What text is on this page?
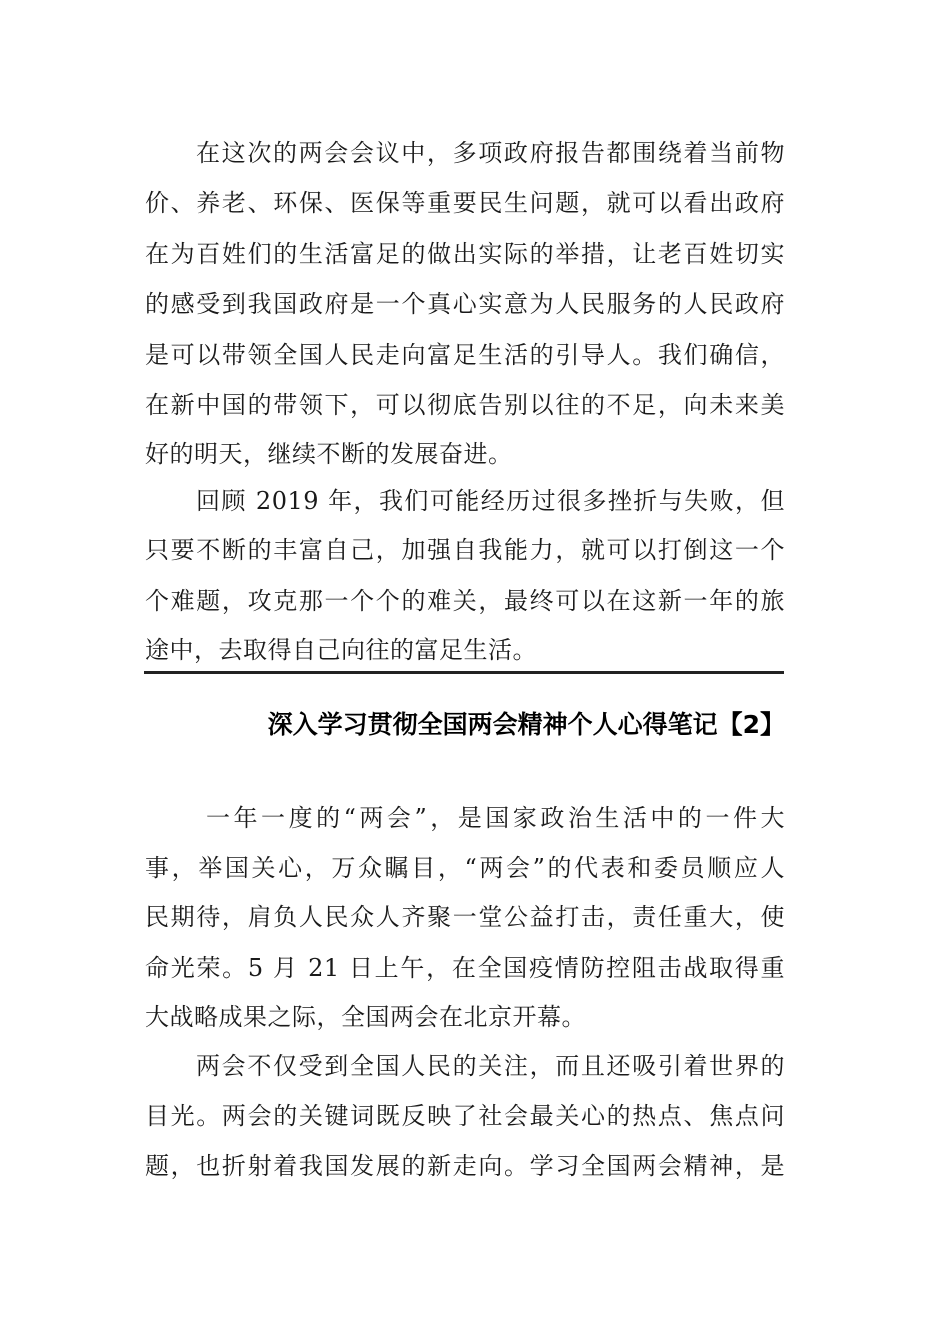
在这次的两会会议中，多项政府报告都围绕着当前物
价、养老、环保、医保等重要民生问题，就可以看出政府
在为百姓们的生活富足的做出实际的举措，让老百姓切实
的感受到我国政府是一个真心实意为人民服务的人民政府
是可以带领全国人民走向富足生活的引导人。我们确信，
在新中国的带领下，可以彻底告别以往的不足，向未来美
好的明天，继续不断的发展奋进。
回顾 2019 年，我们可能经历过很多挫折与失败，但
只要不断的丰富自己，加强自我能力，就可以打倒这一个
个难题，攻克那一个个的难关，最终可以在这新一年的旅
途中，去取得自己向往的富足生活。
深入学习贯彻全国两会精神个人心得笔记【2】
一年一度的“两会”，是国家政治生活中的一件大
事，举国关心，万众瞩目，“两会”的代表和委员顺应人
民期待，肩负人民众人齐聚一堂公益打击，责任重大，使
命光荣。5 月 21 日上午，在全国疫情防控阻击战取得重
大战略成果之际，全国两会在北京开幕。
两会不仅受到全国人民的关注，而且还吸引着世界的
目光。两会的关键词既反映了社会最关心的热点、焦点问
题，也折射着我国发展的新走向。学习全国两会精神，是
